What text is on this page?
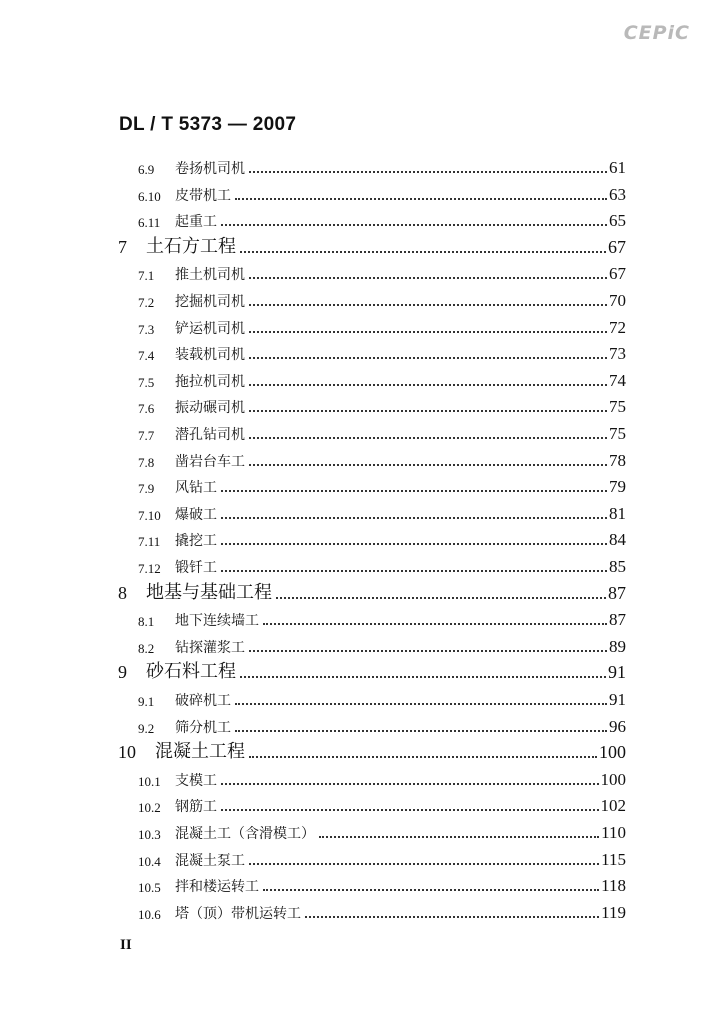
CEPiC
DL / T 5373 — 2007
6.9	卷扬机司机	61
6.10	皮带机工	63
6.11	起重工	65
7	土石方工程	67
7.1	推土机司机	67
7.2	挖掘机司机	70
7.3	铲运机司机	72
7.4	装载机司机	73
7.5	拖拉机司机	74
7.6	振动碾司机	75
7.7	潜孔钻司机	75
7.8	凿岩台车工	78
7.9	风钻工	79
7.10	爆破工	81
7.11	撬挖工	84
7.12	锻钎工	85
8	地基与基础工程	87
8.1	地下连续墙工	87
8.2	钻探灌浆工	89
9	砂石料工程	91
9.1	破碎机工	91
9.2	筛分机工	96
10	混凝土工程	100
10.1	支模工	100
10.2	钢筋工	102
10.3	混凝土工（含滑模工）	110
10.4	混凝土泵工	115
10.5	拌和楼运转工	118
10.6	塔（顶）带机运转工	119
II
